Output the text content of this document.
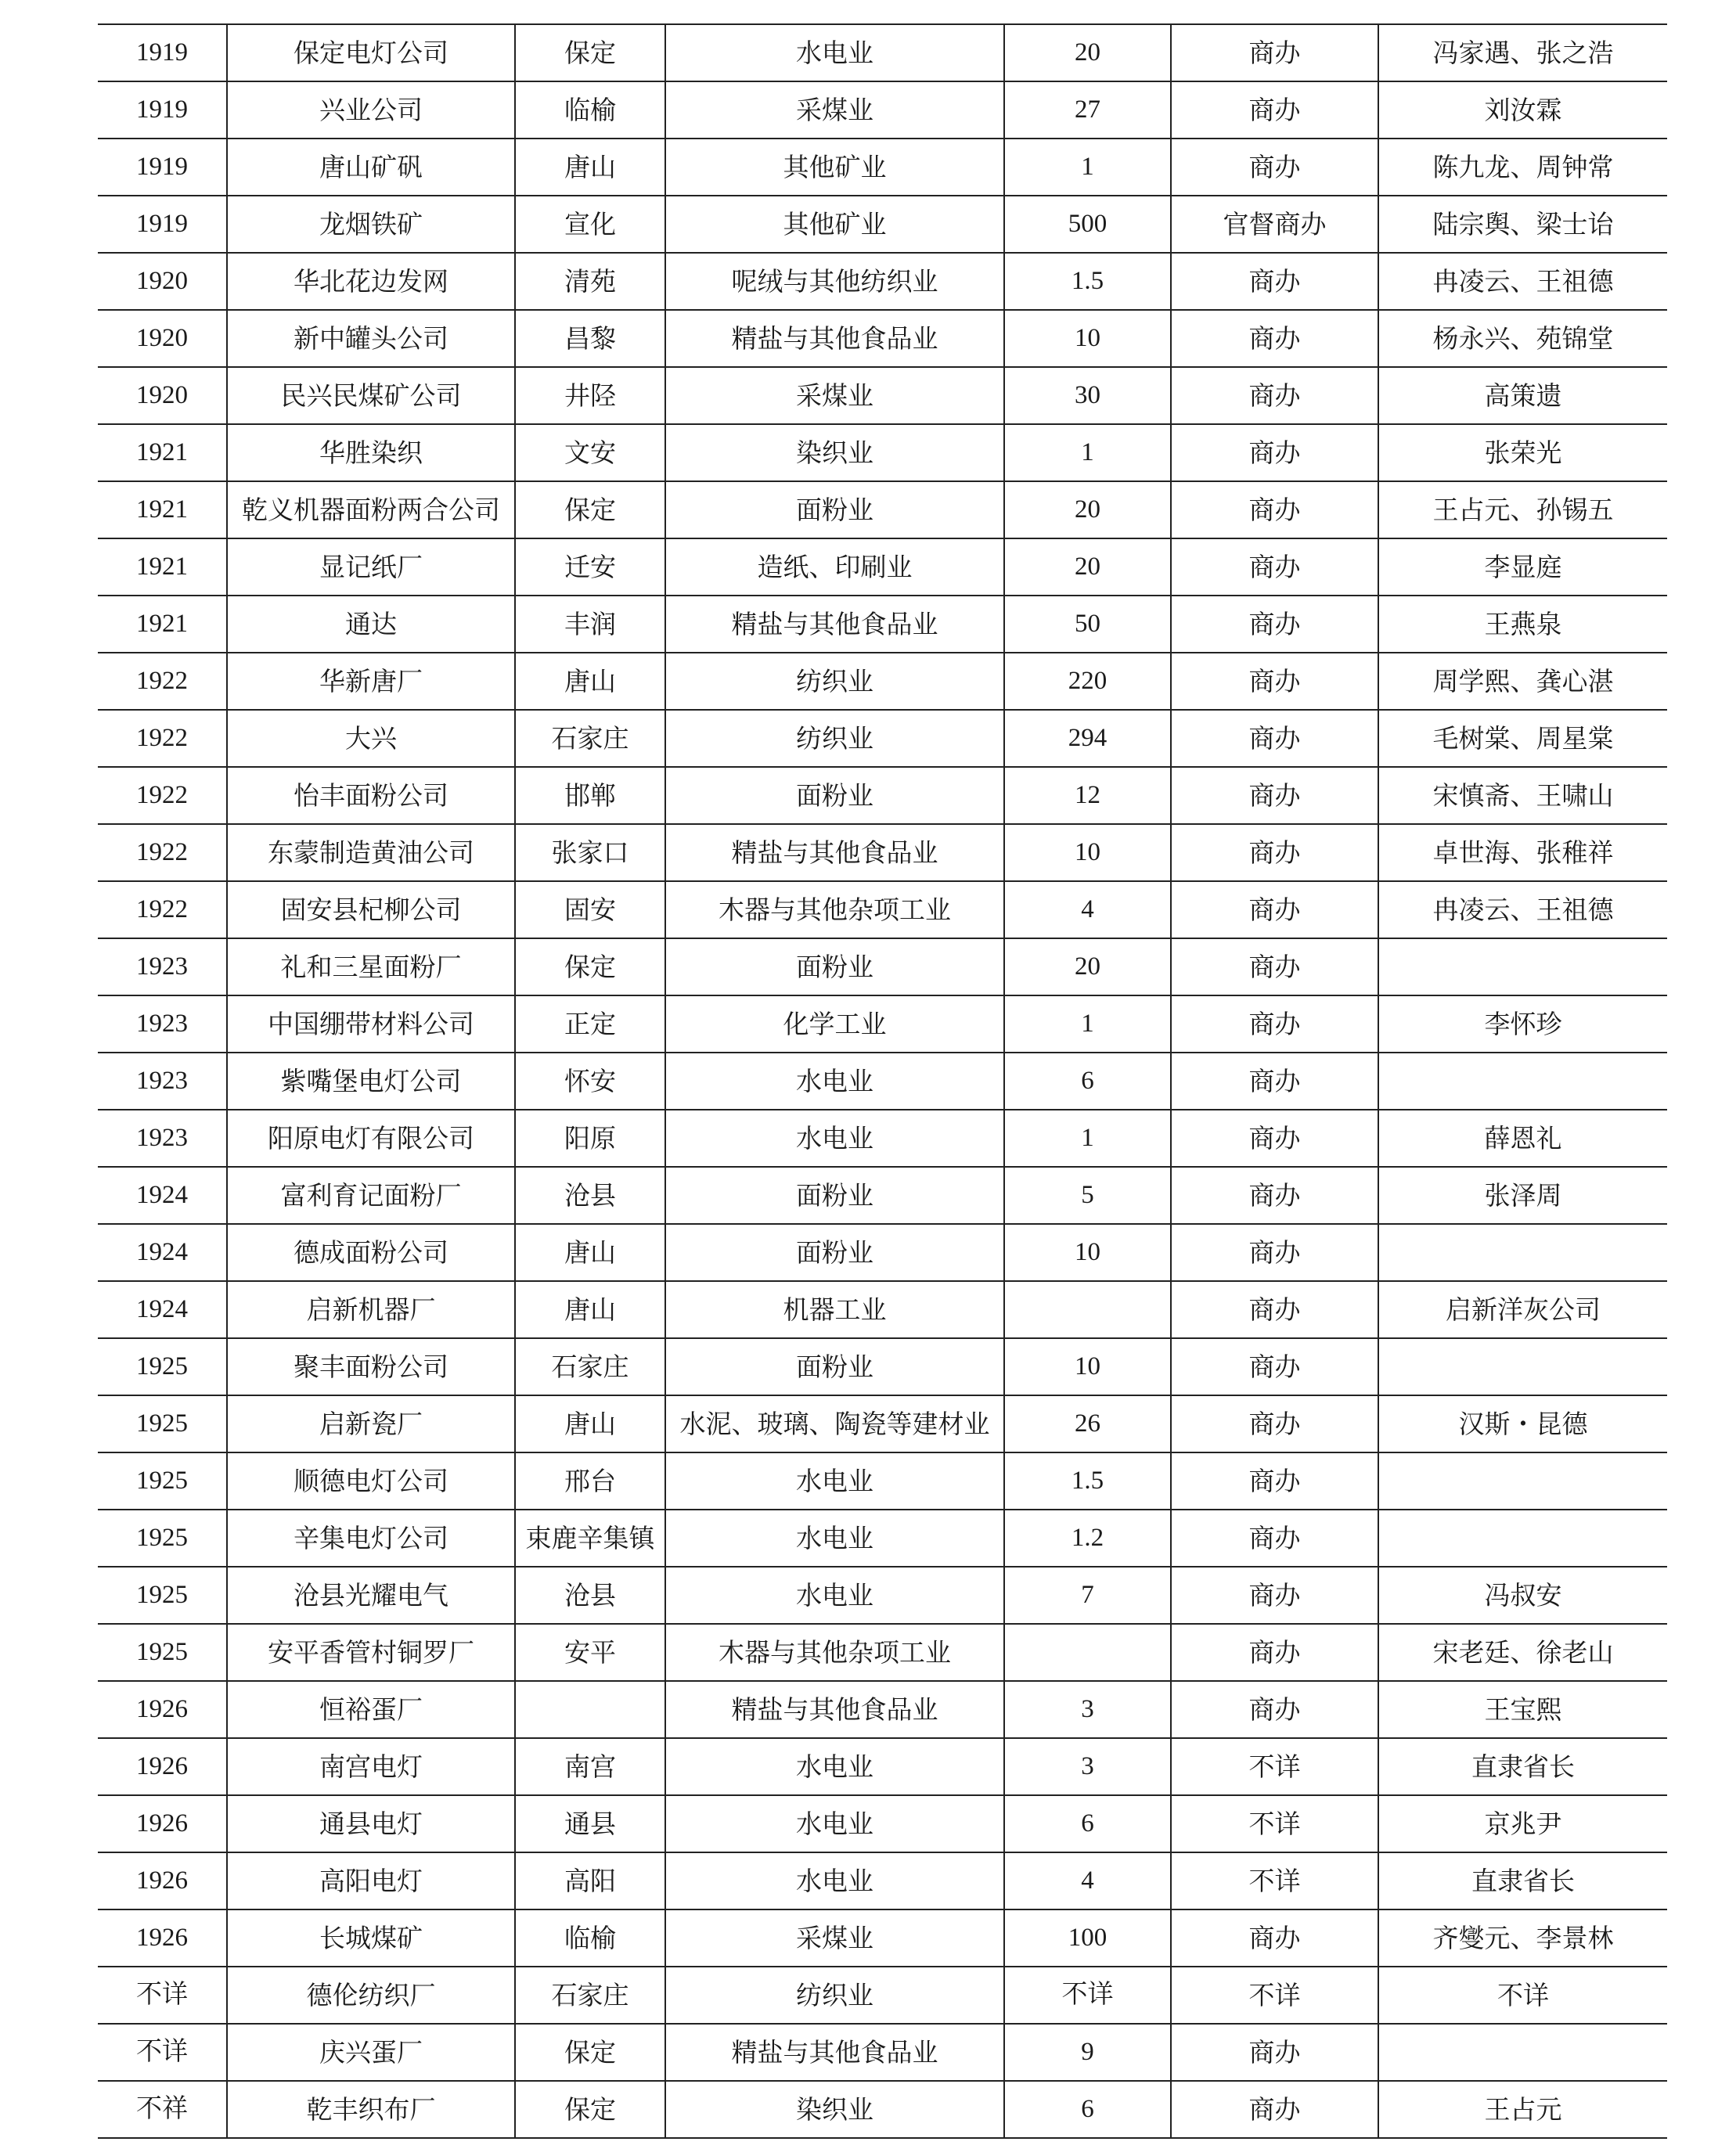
1919	保定电灯公司	保定	水电业	20	商办	冯家遇、张之浩
1919	兴业公司	临榆	采煤业	27	商办	刘汝霖
1919	唐山矿矾	唐山	其他矿业	1	商办	陈九龙、周钟常
1919	龙烟铁矿	宣化	其他矿业	500	官督商办	陆宗舆、梁士诒
1920	华北花边发网	清苑	呢绒与其他纺织业	1.5	商办	冉凌云、王祖德
1920	新中罐头公司	昌黎	精盐与其他食品业	10	商办	杨永兴、苑锦堂
1920	民兴民煤矿公司	井陉	采煤业	30	商办	高策遗
1921	华胜染织	文安	染织业	1	商办	张荣光
1921	乾义机器面粉两合公司	保定	面粉业	20	商办	王占元、孙锡五
1921	显记纸厂	迁安	造纸、印刷业	20	商办	李显庭
1921	通达	丰润	精盐与其他食品业	50	商办	王燕泉
1922	华新唐厂	唐山	纺织业	220	商办	周学熙、龚心湛
1922	大兴	石家庄	纺织业	294	商办	毛树棠、周星棠
1922	怡丰面粉公司	邯郸	面粉业	12	商办	宋慎斋、王啸山
1922	东蒙制造黄油公司	张家口	精盐与其他食品业	10	商办	卓世海、张稚祥
1922	固安县杞柳公司	固安	木器与其他杂项工业	4	商办	冉凌云、王祖德
1923	礼和三星面粉厂	保定	面粉业	20	商办	
1923	中国绷带材料公司	正定	化学工业	1	商办	李怀珍
1923	紫嘴堡电灯公司	怀安	水电业	6	商办	
1923	阳原电灯有限公司	阳原	水电业	1	商办	薛恩礼
1924	富利育记面粉厂	沧县	面粉业	5	商办	张泽周
1924	德成面粉公司	唐山	面粉业	10	商办	
1924	启新机器厂	唐山	机器工业		商办	启新洋灰公司
1925	聚丰面粉公司	石家庄	面粉业	10	商办	
1925	启新瓷厂	唐山	水泥、玻璃、陶瓷等建材业	26	商办	汉斯・昆德
1925	顺德电灯公司	邢台	水电业	1.5	商办	
1925	辛集电灯公司	束鹿辛集镇	水电业	1.2	商办	
1925	沧县光耀电气	沧县	水电业	7	商办	冯叔安
1925	安平香管村铜罗厂	安平	木器与其他杂项工业		商办	宋老廷、徐老山
1926	恒裕蛋厂		精盐与其他食品业	3	商办	王宝熙
1926	南宫电灯	南宫	水电业	3	不详	直隶省长
1926	通县电灯	通县	水电业	6	不详	京兆尹
1926	高阳电灯	高阳	水电业	4	不详	直隶省长
1926	长城煤矿	临榆	采煤业	100	商办	齐燮元、李景林
不详	德伦纺织厂	石家庄	纺织业	不详	不详	不详
不详	庆兴蛋厂	保定	精盐与其他食品业	9	商办	
不祥	乾丰织布厂	保定	染织业	6	商办	王占元
